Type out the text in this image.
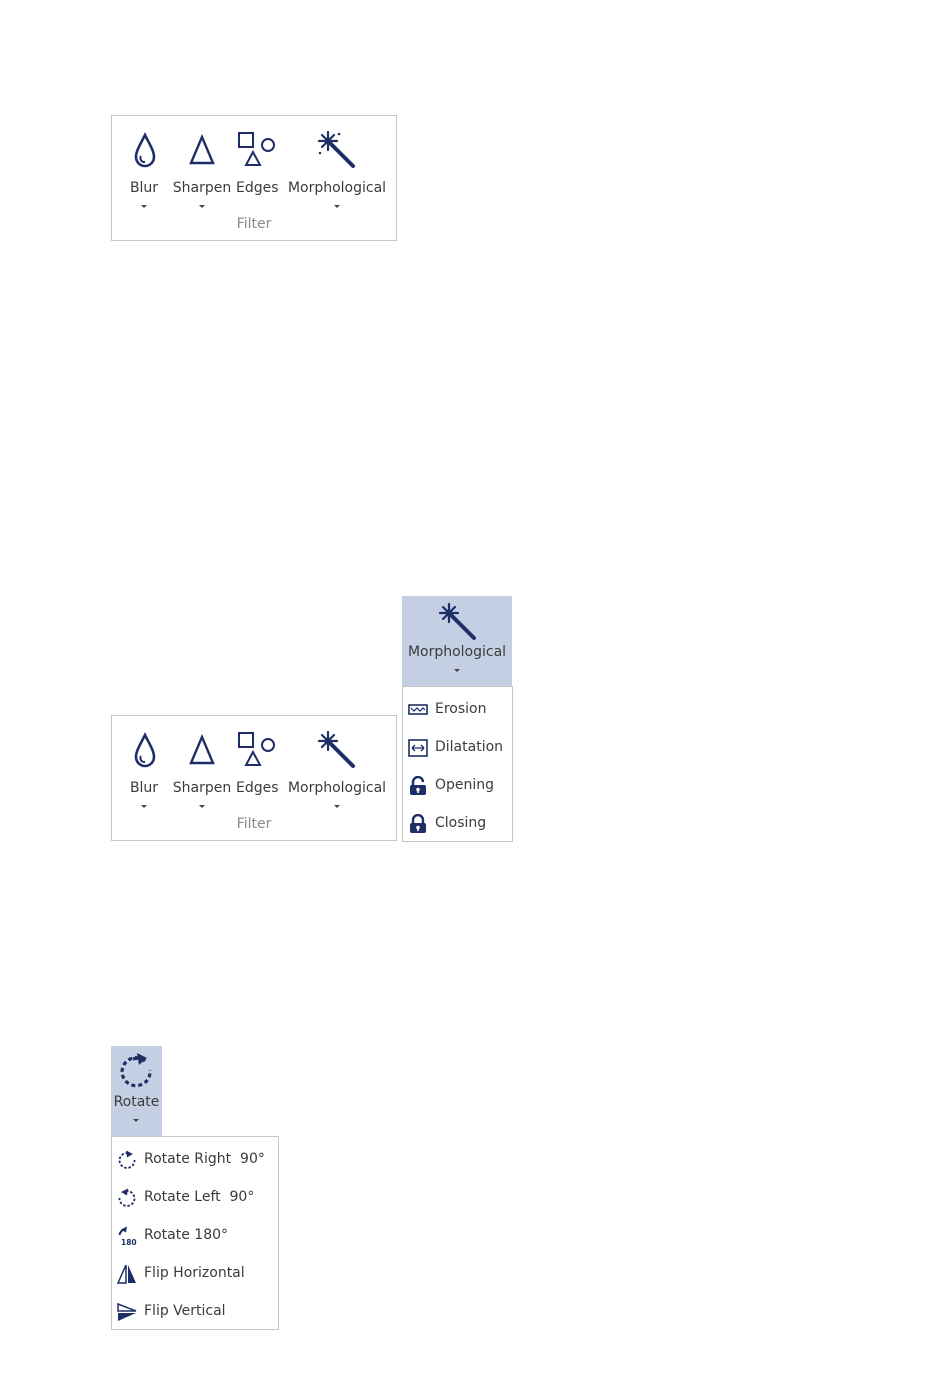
Blur	Sharpen Edges Morphological
Filter
Blur	Sharpen Edges Morphological
Filter
Morphological
Erosion
Dilatation
Opening
Closing
Rotate
Rotate Right  90°
Rotate Left  90°
180 Rotate 180°
Flip Horizontal
Flip Vertical
